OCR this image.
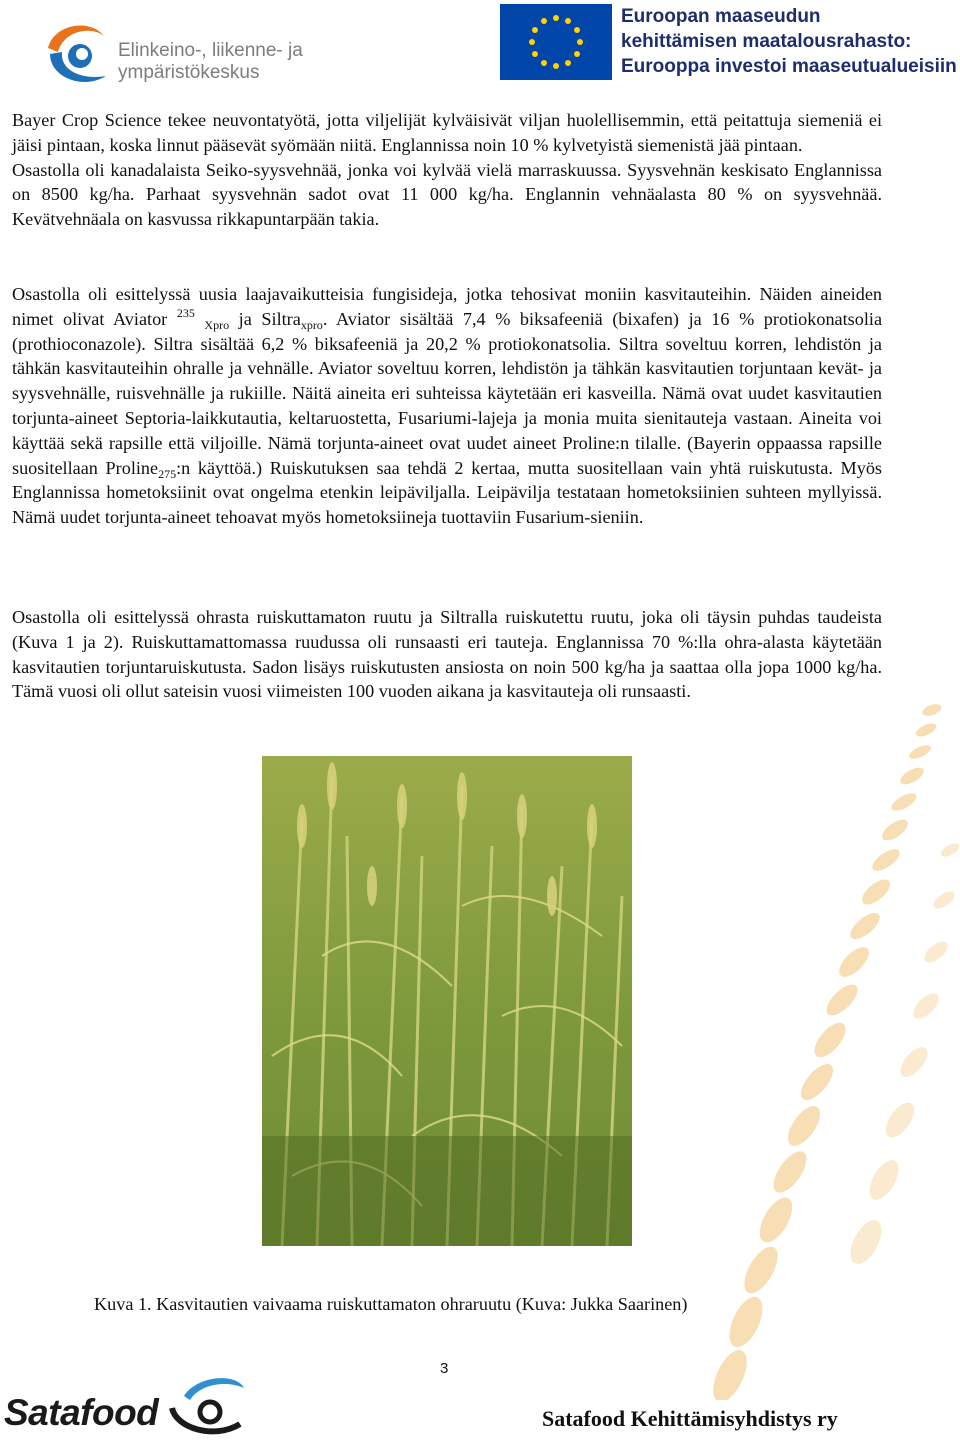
Elinkeino-, liikenne- ja
ympäristökeskus
Euroopan maaseudun
kehittämisen maatalousrahasto:
Eurooppa investoi maaseutualueisiin
Bayer Crop Science tekee neuvontatyötä, jotta viljelijät kylväisivät viljan huolellisemmin, että peitattuja siemeniä ei jäisi pintaan, koska linnut pääsevät syömään niitä. Englannissa noin 10 % kylvetyistä siemenistä jää pintaan.
Osastolla oli kanadalaista Seiko-syysvehnää, jonka voi kylvää vielä marraskuussa. Syysvehnän keskisato Englannissa on 8500 kg/ha. Parhaat syysvehnän sadot ovat 11 000 kg/ha. Englannin vehnäalasta 80 % on syysvehnää. Kevätvehnäala on kasvussa rikkapuntarpään takia.

Osastolla oli esittelyssä uusia laajavaikutteisia fungisideja, jotka tehosivat moniin kasvitauteihin. Näiden aineiden nimet olivat Aviator $^{235}$ $_{Xpro}$ ja Siltra$_{xpro}$. Aviator sisältää 7,4 % biksafeeniä (bixafen) ja 16 % protiokonatsolia (prothioconazole). Siltra sisältää 6,2 % biksafeeniä ja 20,2 % protiokonatsolia. Siltra soveltuu korren, lehdistön ja tähkän kasvitauteihin ohralle ja vehnälle. Aviator soveltuu korren, lehdistön ja tähkän kasvitautien torjuntaan kevät- ja syysvehnälle, ruisvehnälle ja rukiille. Näitä aineita eri suhteissa käytetään eri kasveilla. Nämä ovat uudet kasvitautien torjunta-aineet Septoria-laikkutautia, keltaruostetta, Fusariumi-lajeja ja monia muita sienitauteja vastaan. Aineita voi käyttää sekä rapsille että viljoille. Nämä torjunta-aineet ovat uudet aineet Proline:n tilalle. (Bayerin oppaassa rapsille suositellaan Proline$_{275}$:n käyttöä.) Ruiskutuksen saa tehdä 2 kertaa, mutta suositellaan vain yhtä ruiskutusta. Myös Englannissa hometoksiinit ovat ongelma etenkin leipäviljalla. Leipävilja testataan hometoksiinien suhteen myllyissä. Nämä uudet torjunta-aineet tehoavat myös hometoksiineja tuottaviin Fusarium-sieniin.

Osastolla oli esittelyssä ohrasta ruiskuttamaton ruutu ja Siltralla ruiskutettu ruutu, joka oli täysin puhdas taudeista (Kuva 1 ja 2). Ruiskuttamattomassa ruudussa oli runsaasti eri tauteja. Englannissa 70 %:lla ohra-alasta käytetään kasvitautien torjuntaruiskutusta. Sadon lisäys ruiskutusten ansiosta on noin 500 kg/ha ja saattaa olla jopa 1000 kg/ha. Tämä vuosi oli ollut sateisin vuosi viimeisten 100 vuoden aikana ja kasvitauteja oli runsaasti.

Kuva 1. Kasvitautien vaivaama ruiskuttamaton ohraruutu (Kuva: Jukka Saarinen)
3
Satafood	Satafood Kehittämisyhdistys ry
